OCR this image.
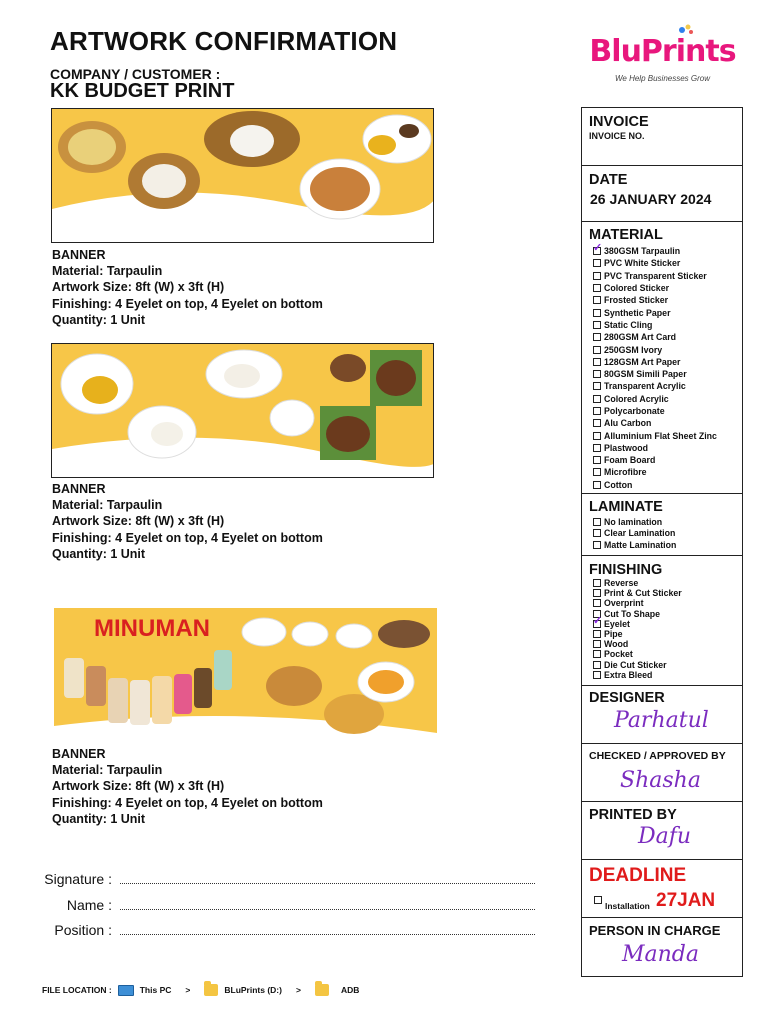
ARTWORK CONFIRMATION
COMPANY / CUSTOMER :
KK BUDGET PRINT
BluPrints
We Help Businesses Grow
BANNER
Material: Tarpaulin
Artwork Size: 8ft (W) x 3ft (H)
Finishing: 4 Eyelet on top, 4 Eyelet on bottom
Quantity: 1 Unit
BANNER
Material: Tarpaulin
Artwork Size: 8ft (W) x 3ft (H)
Finishing: 4 Eyelet on top, 4 Eyelet on bottom
Quantity: 1 Unit
MINUMAN
BANNER
Material: Tarpaulin
Artwork Size: 8ft (W) x 3ft (H)
Finishing: 4 Eyelet on top, 4 Eyelet on bottom
Quantity: 1 Unit
Signature :
Name :
Position :
FILE LOCATION :	This PC >	BLuPrints (D:) >	ADB
INVOICE
INVOICE NO.
DATE
26 JANUARY 2024
MATERIAL
✓
380GSM Tarpaulin
PVC White Sticker
PVC Transparent Sticker
Colored Sticker
Frosted Sticker
Synthetic Paper
Static Cling
280GSM Art Card
250GSM Ivory
128GSM Art Paper
80GSM Simili Paper
Transparent Acrylic
Colored Acrylic
Polycarbonate
Alu Carbon
Alluminium Flat Sheet Zinc
Plastwood
Foam Board
Microfibre
Cotton
LAMINATE
No lamination
Clear Lamination
Matte Lamination
FINISHING
Reverse
Print & Cut Sticker
Overprint
Cut To Shape
✓
Eyelet
Pipe
Wood
Pocket
Die Cut Sticker
Extra Bleed
DESIGNER
Parhatul
CHECKED / APPROVED BY
Shasha
PRINTED BY
Dafu
DEADLINE
Installation 27JAN
PERSON IN CHARGE
Manda
